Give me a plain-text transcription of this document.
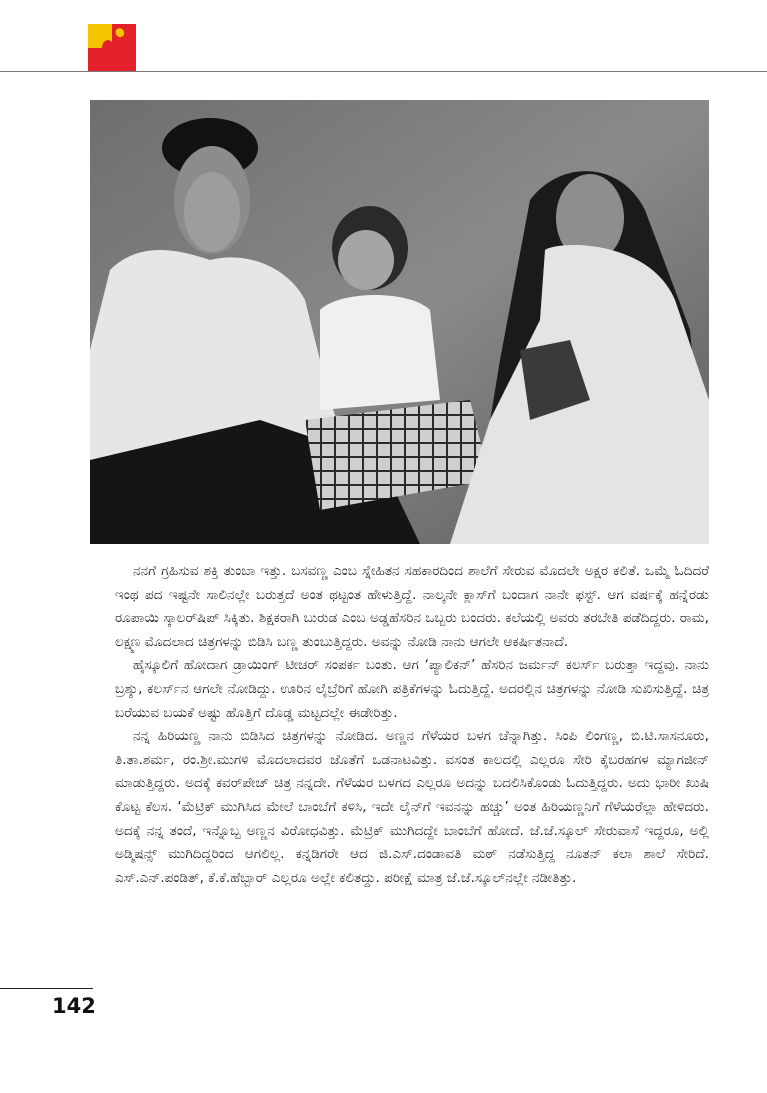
ನನಗೆ ಗ್ರಹಿಸುವ ಶಕ್ತಿ ತುಂಬಾ ಇತ್ತು. ಬಸವಣ್ಣ ಎಂಬ ಸ್ನೇಹಿತನ ಸಹಕಾರದಿಂದ ಶಾಲೆಗೆ ಸೇರುವ ಮೊದಲೇ ಅಕ್ಷರ ಕಲಿತೆ. ಒಮ್ಮೆ ಓದಿದರೆ ಇಂಥ ಪದ ಇಷ್ಟನೇ ಸಾಲಿನಲ್ಲೇ ಬರುತ್ತದೆ ಅಂತ ಥಟ್ಟಂತ ಹೇಳುತ್ತಿದ್ದೆ. ನಾಲ್ಕನೇ ಕ್ಲಾಸ್‌ಗೆ ಬಂದಾಗ ನಾನೇ ಫಸ್ಟ್. ಆಗ ವರ್ಷಕ್ಕೆ ಹನ್ನೆರಡು ರೂಪಾಯಿ ಸ್ಕಾಲರ್‌ಷಿಪ್ ಸಿಕ್ಕಿತು. ಶಿಕ್ಷಕರಾಗಿ ಬುರುಡ ಎಂಬ ಅಡ್ಡಹೆಸರಿನ ಒಬ್ಬರು ಬಂದರು. ಕಲೆಯಲ್ಲಿ ಅವರು ತರಬೇತಿ ಪಡೆದಿದ್ದರು. ರಾಮ, ಲಕ್ಷ್ಮಣ ಮೊದಲಾದ ಚಿತ್ರಗಳನ್ನು ಬಿಡಿಸಿ ಬಣ್ಣ ತುಂಬುತ್ತಿದ್ದರು. ಅವನ್ನು ನೋಡಿ ನಾನು ಆಗಲೇ ಆಕರ್ಷಿತನಾದೆ.

ಹೈಸ್ಕೂಲಿಗೆ ಹೋದಾಗ ಡ್ರಾಯಿಂಗ್ ಟೀಚರ್ ಸಂಪರ್ಕ ಬಂತು. ಆಗ ‘ಪ್ಯಾಲಿಕನ್’ ಹೆಸರಿನ ಜರ್ಮನ್ ಕಲರ್ಸ್ ಬರುತ್ತಾ ಇದ್ದವು. ನಾನು ಬ್ರಶ್ಶು, ಕಲರ್ಸ್‌ನ ಆಗಲೇ ನೋಡಿದ್ದು. ಊರಿನ ಲೈಬ್ರೆರಿಗೆ ಹೋಗಿ ಪತ್ರಿಕೆಗಳನ್ನು ಓದುತ್ತಿದ್ದೆ. ಅದರಲ್ಲಿನ ಚಿತ್ರಗಳನ್ನು ನೋಡಿ ಸುಖಿಸುತ್ತಿದ್ದೆ. ಚಿತ್ರ ಬರೆಯುವ ಬಯಕೆ ಅಷ್ಟು ಹೊತ್ತಿಗೆ ದೊಡ್ಡ ಮಟ್ಟದಲ್ಲೇ ಈಡೇರಿತ್ತು.

ನನ್ನ ಹಿರಿಯಣ್ಣ ನಾನು ಬಿಡಿಸಿದ ಚಿತ್ರಗಳನ್ನು ನೋಡಿದ. ಅಣ್ಣನ ಗೆಳೆಯರ ಬಳಗ ಚೆನ್ನಾಗಿತ್ತು. ಸಿಂಪಿ ಲಿಂಗಣ್ಣ, ಬಿ.ಟಿ.ಸಾಸನೂರು, ತಿ.ತಾ.ಶರ್ಮ, ರಂ.ಶ್ರೀ.ಮುಗಳಿ ಮೊದಲಾದವರ ಜೊತೆಗೆ ಒಡನಾಟವಿತ್ತು. ವಸಂತ ಕಾಲದಲ್ಲಿ ಎಲ್ಲರೂ ಸೇರಿ ಕೈಬರಹಗಳ ಮ್ಯಾಗಜೀನ್ ಮಾಡುತ್ತಿದ್ದರು. ಅದಕ್ಕೆ ಕವರ್‌ಪೇಜ್ ಚಿತ್ರ ನನ್ನದೇ. ಗೆಳೆಯರ ಬಳಗದ ಎಲ್ಲರೂ ಅದನ್ನು ಬದಲಿಸಿಕೊಂಡು ಓದುತ್ತಿದ್ದರು. ಅದು ಭಾರೀ ಖುಷಿ ಕೊಟ್ಟ ಕೆಲಸ. ‘ಮೆಟ್ರಿಕ್ ಮುಗಿಸಿದ ಮೇಲೆ ಬಾಂಬೆಗೆ ಕಳಿಸಿ, ಇದೇ ಲೈನ್‌ಗೆ ಇವನನ್ನು ಹಚ್ಚು’ ಅಂತ ಹಿರಿಯಣ್ಣನಿಗೆ ಗೆಳೆಯರೆಲ್ಲಾ ಹೇಳಿದರು. ಅದಕ್ಕೆ ನನ್ನ ತಂದೆ, ಇನ್ನೊಬ್ಬ ಅಣ್ಣನ ವಿರೋಧವಿತ್ತು. ಮೆಟ್ರಿಕ್ ಮುಗಿದದ್ದೇ ಬಾಂಬೆಗೆ ಹೋದೆ. ಜೆ.ಜೆ.ಸ್ಕೂಲ್ ಸೇರುವಾಸೆ ಇದ್ದರೂ, ಅಲ್ಲಿ ಅಡ್ಮಿಷನ್ಸ್ ಮುಗಿದಿದ್ದರಿಂದ ಆಗಲಿಲ್ಲ. ಕನ್ನಡಿಗರೇ ಆದ ಜಿ.ಎಸ್.ದಂಡಾವತಿ ಮಠ್ ನಡೆಸುತ್ತಿದ್ದ ನೂತನ್ ಕಲಾ ಶಾಲೆ ಸೇರಿದೆ. ಎಸ್.ಎನ್.ಪಂಡಿತ್, ಕೆ.ಕೆ.ಹೆಬ್ಬಾರ್ ಎಲ್ಲರೂ ಅಲ್ಲೇ ಕಲಿತದ್ದು. ಪರೀಕ್ಷೆ ಮಾತ್ರ ಜೆ.ಜೆ.ಸ್ಕೂಲ್‌ನಲ್ಲೇ ನಡೀತಿತ್ತು.

142
